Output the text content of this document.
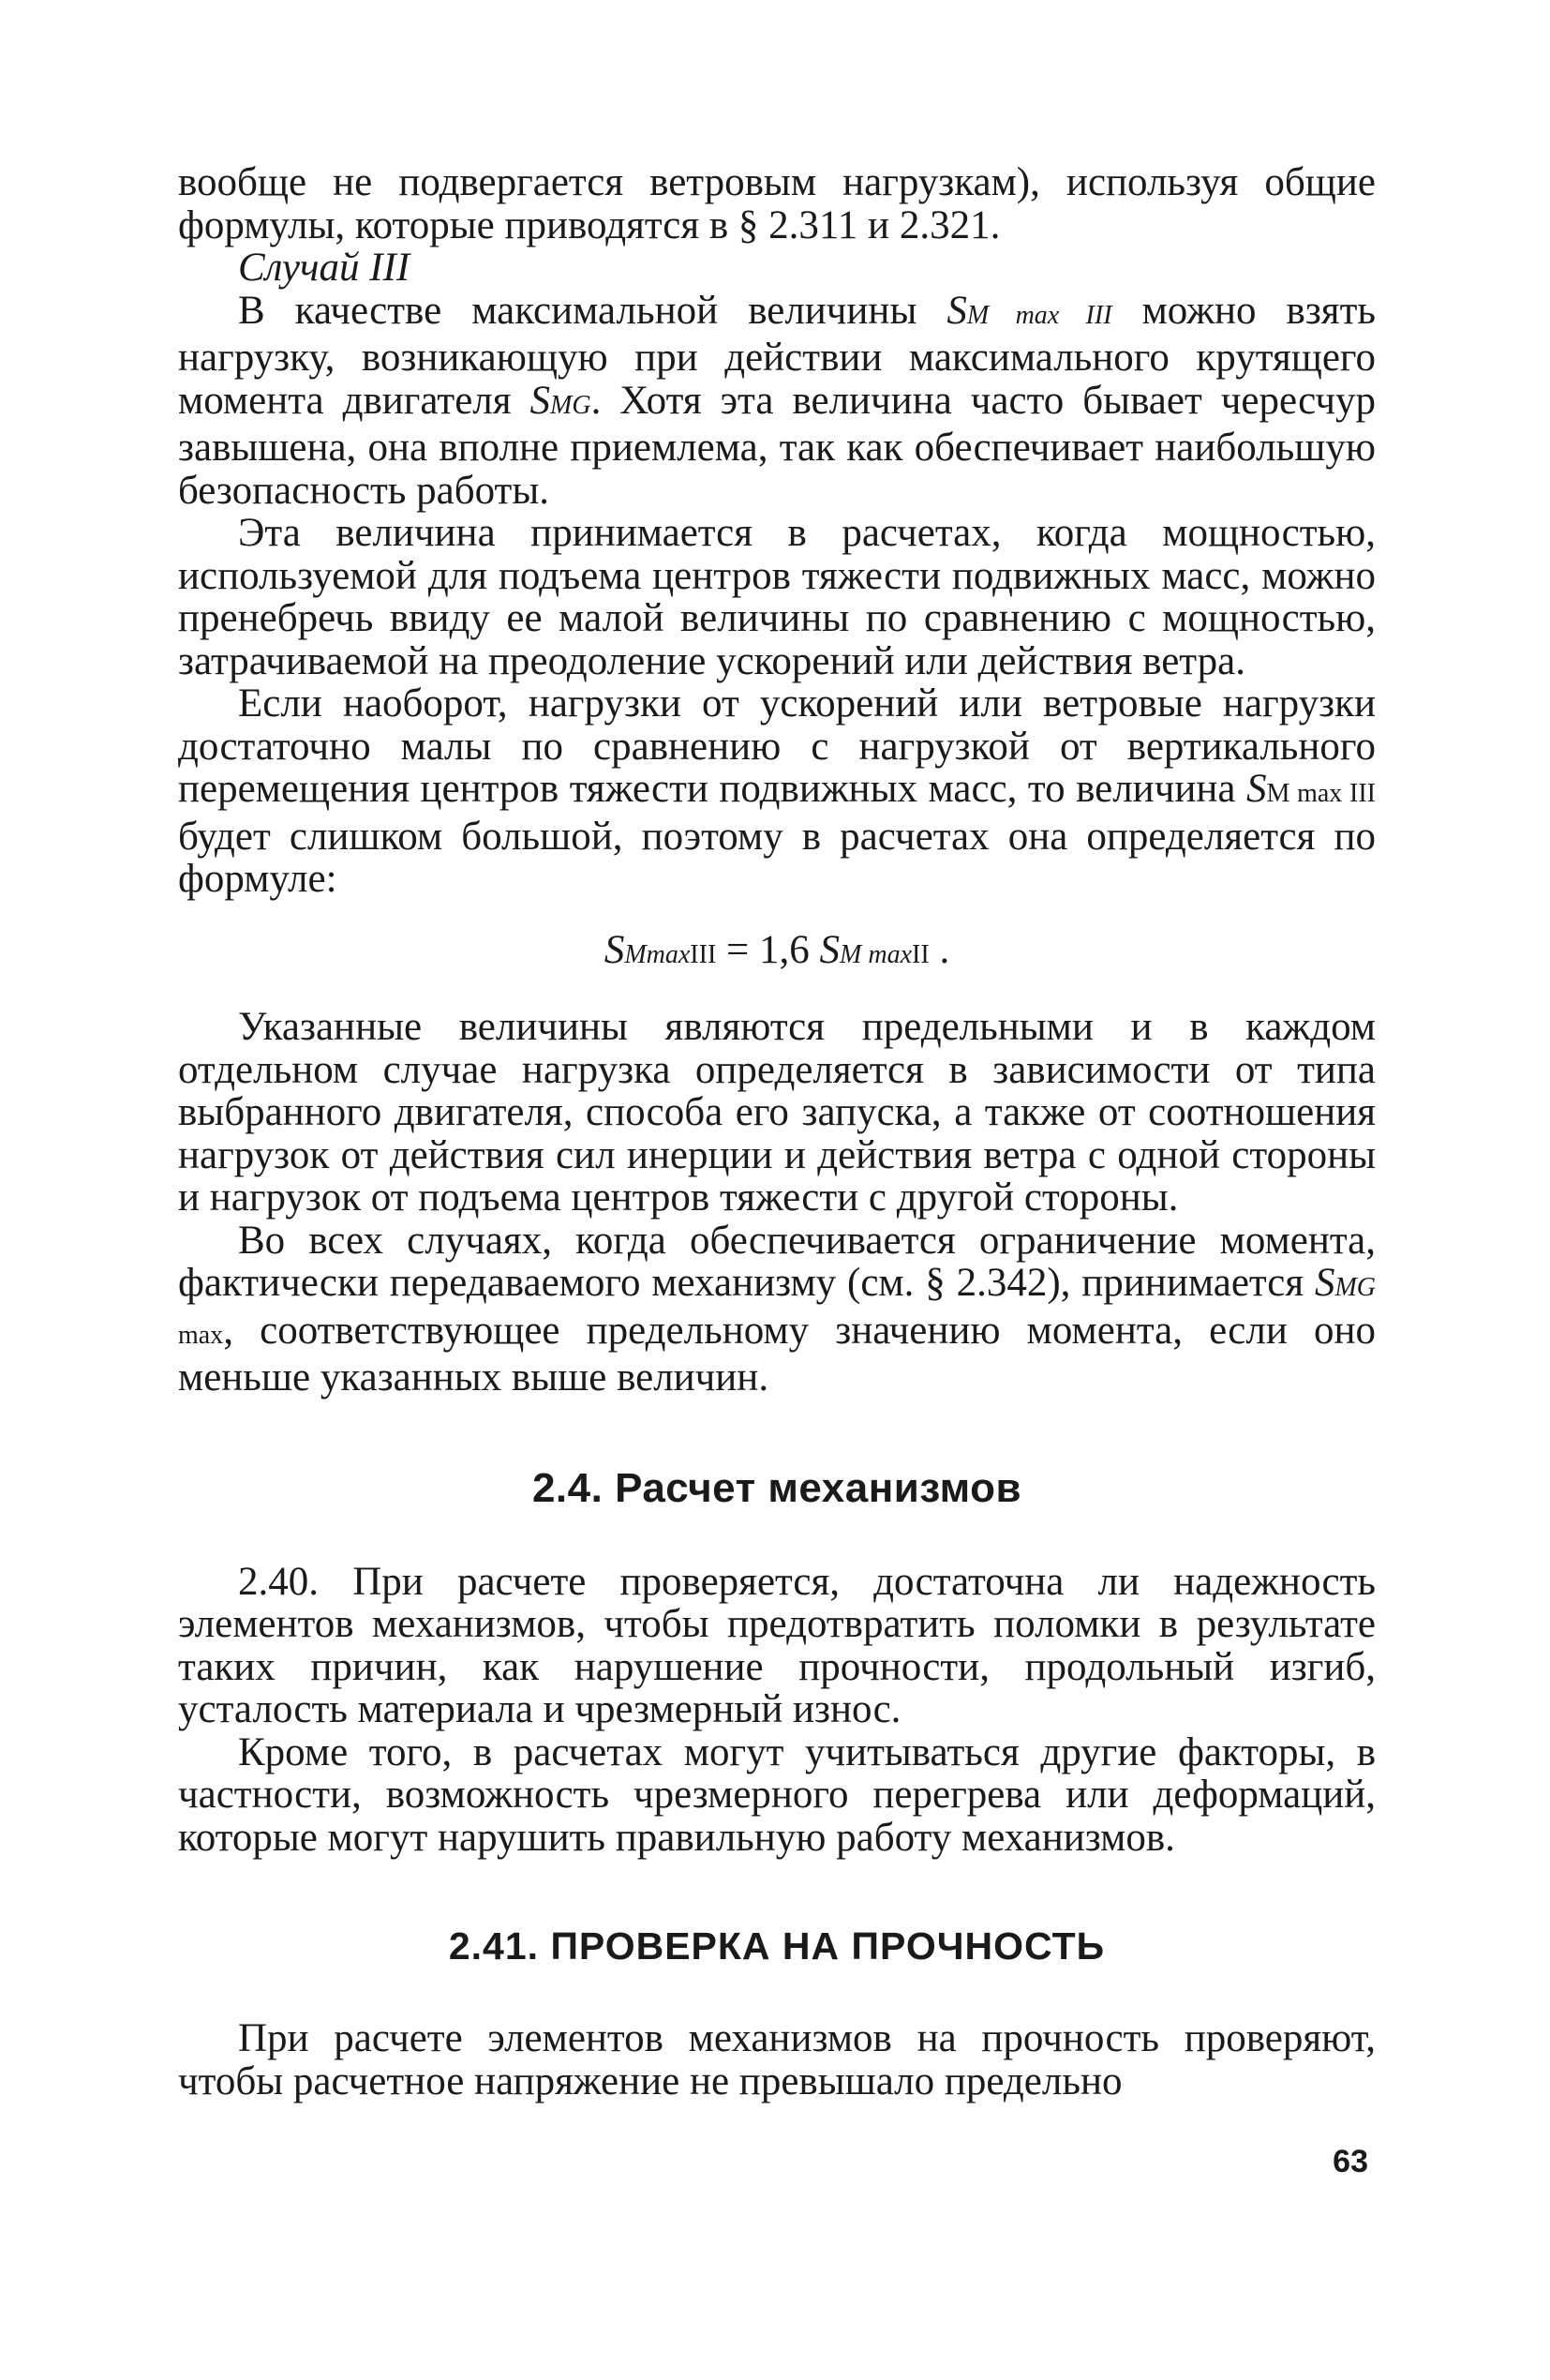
вообще не подвергается ветровым нагрузкам), используя общие формулы, которые приводятся в § 2.311 и 2.321.

Случай III

В качестве максимальной величины SM max III можно взять нагрузку, возникающую при действии максимального крутящего момента двигателя SMG. Хотя эта величина часто бывает чересчур завышена, она вполне приемлема, так как обеспечивает наибольшую безопасность работы.

Эта величина принимается в расчетах, когда мощностью, используемой для подъема центров тяжести подвижных масс, можно пренебречь ввиду ее малой величины по сравнению с мощностью, затрачиваемой на преодоление ускорений или действия ветра.

Если наоборот, нагрузки от ускорений или ветровые нагрузки достаточно малы по сравнению с нагрузкой от вертикального перемещения центров тяжести подвижных масс, то величина SM max III будет слишком большой, поэтому в расчетах она определяется по формуле:

SMmaxIII = 1,6 SM maxII .

Указанные величины являются предельными и в каждом отдельном случае нагрузка определяется в зависимости от типа выбранного двигателя, способа его запуска, а также от соотношения нагрузок от действия сил инерции и действия ветра с одной стороны и нагрузок от подъема центров тяжести с другой стороны.

Во всех случаях, когда обеспечивается ограничение момента, фактически передаваемого механизму (см. § 2.342), принимается SMG max, соответствующее предельному значению момента, если оно меньше указанных выше величин.

2.4. Расчет механизмов

2.40. При расчете проверяется, достаточна ли надежность элементов механизмов, чтобы предотвратить поломки в результате таких причин, как нарушение прочности, продольный изгиб, усталость материала и чрезмерный износ.

Кроме того, в расчетах могут учитываться другие факторы, в частности, возможность чрезмерного перегрева или деформаций, которые могут нарушить правильную работу механизмов.

2.41. ПРОВЕРКА НА ПРОЧНОСТЬ

При расчете элементов механизмов на прочность проверяют, чтобы расчетное напряжение не превышало предельно

63
